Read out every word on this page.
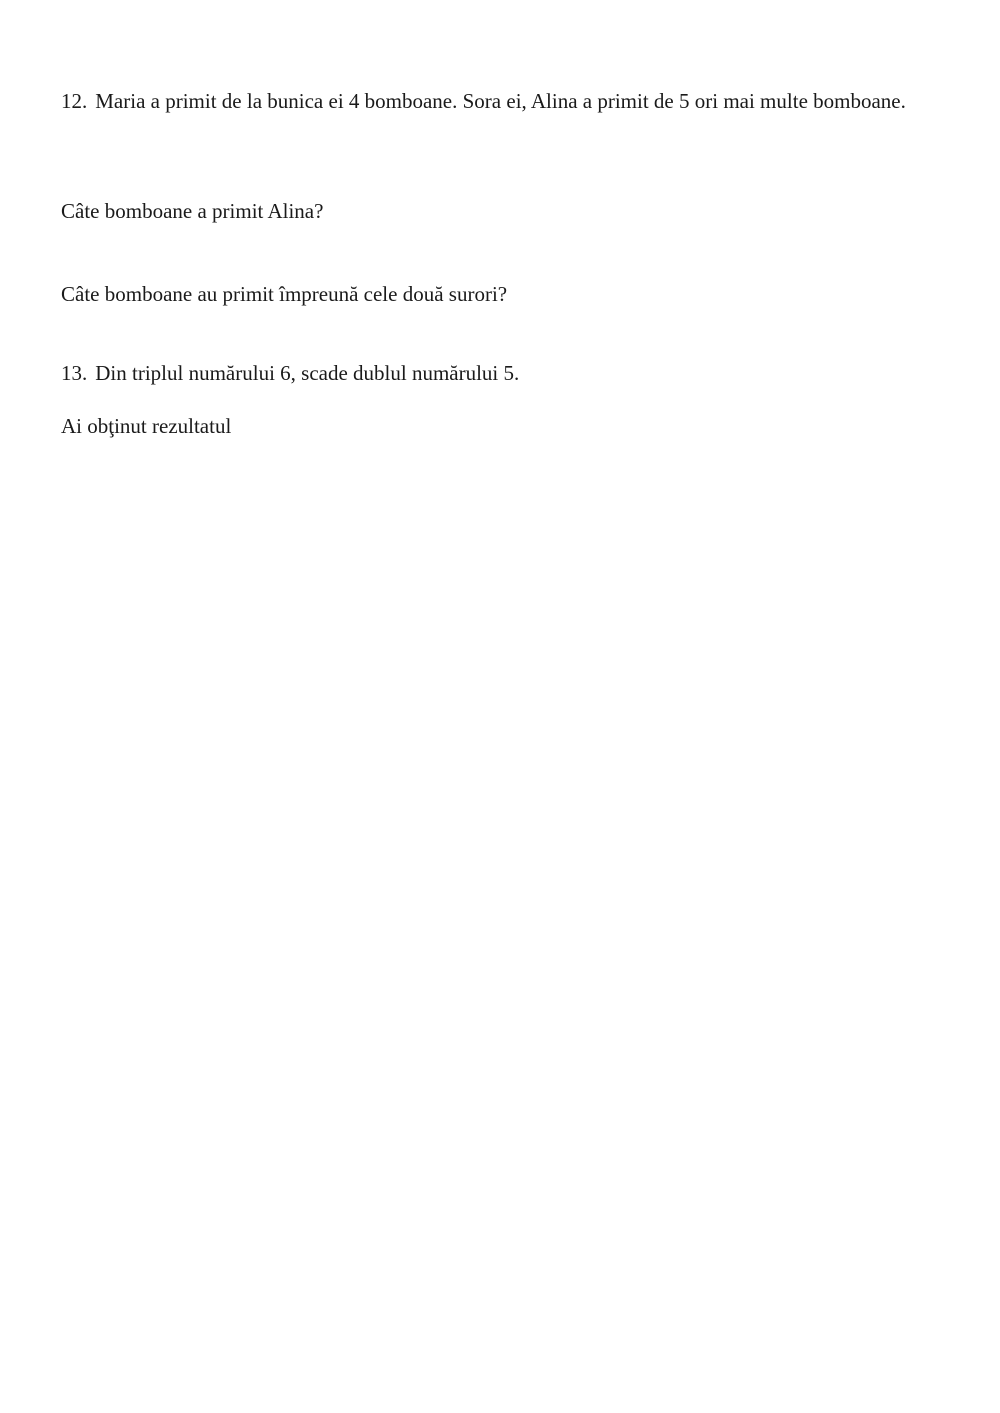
12. Maria a primit de la bunica ei 4 bomboane. Sora ei, Alina a primit de 5 ori mai multe bomboane.

Câte bomboane a primit Alina?

Câte bomboane au primit împreună cele două surori?

13. Din triplul numărului 6, scade dublul numărului 5.

Ai obţinut rezultatul
